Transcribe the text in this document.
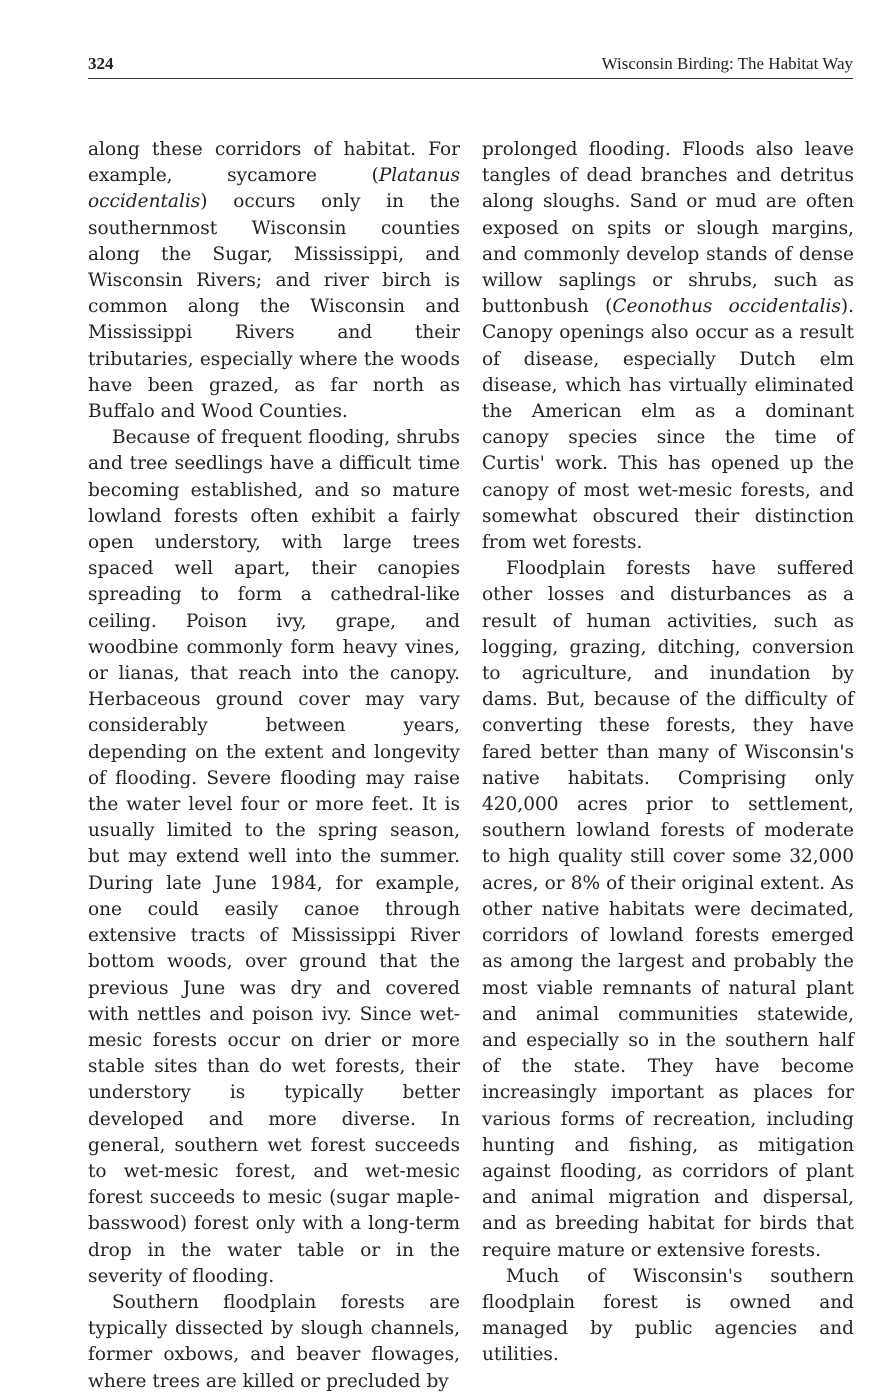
324	Wisconsin Birding: The Habitat Way

along these corridors of habitat. For example, sycamore (Platanus occidentalis) occurs only in the southernmost Wisconsin counties along the Sugar, Mississippi, and Wisconsin Rivers; and river birch is common along the Wisconsin and Mississippi Rivers and their tributaries, especially where the woods have been grazed, as far north as Buffalo and Wood Counties.

Because of frequent flooding, shrubs and tree seedlings have a difficult time becoming established, and so mature lowland forests often exhibit a fairly open understory, with large trees spaced well apart, their canopies spreading to form a cathedral-like ceiling. Poison ivy, grape, and woodbine commonly form heavy vines, or lianas, that reach into the canopy. Herbaceous ground cover may vary considerably between years, depending on the extent and longevity of flooding. Severe flooding may raise the water level four or more feet. It is usually limited to the spring season, but may extend well into the summer. During late June 1984, for example, one could easily canoe through extensive tracts of Mississippi River bottom woods, over ground that the previous June was dry and covered with nettles and poison ivy. Since wet-mesic forests occur on drier or more stable sites than do wet forests, their understory is typically better developed and more diverse. In general, southern wet forest succeeds to wet-mesic forest, and wet-mesic forest succeeds to mesic (sugar maple-basswood) forest only with a long-term drop in the water table or in the severity of flooding.

Southern floodplain forests are typically dissected by slough channels, former oxbows, and beaver flowages, where trees are killed or precluded by

prolonged flooding. Floods also leave tangles of dead branches and detritus along sloughs. Sand or mud are often exposed on spits or slough margins, and commonly develop stands of dense willow saplings or shrubs, such as buttonbush (Ceonothus occidentalis). Canopy openings also occur as a result of disease, especially Dutch elm disease, which has virtually eliminated the American elm as a dominant canopy species since the time of Curtis' work. This has opened up the canopy of most wet-mesic forests, and somewhat obscured their distinction from wet forests.

Floodplain forests have suffered other losses and disturbances as a result of human activities, such as logging, grazing, ditching, conversion to agriculture, and inundation by dams. But, because of the difficulty of converting these forests, they have fared better than many of Wisconsin's native habitats. Comprising only 420,000 acres prior to settlement, southern lowland forests of moderate to high quality still cover some 32,000 acres, or 8% of their original extent. As other native habitats were decimated, corridors of lowland forests emerged as among the largest and probably the most viable remnants of natural plant and animal communities statewide, and especially so in the southern half of the state. They have become increasingly important as places for various forms of recreation, including hunting and fishing, as mitigation against flooding, as corridors of plant and animal migration and dispersal, and as breeding habitat for birds that require mature or extensive forests.

Much of Wisconsin's southern floodplain forest is owned and managed by public agencies and utilities.
